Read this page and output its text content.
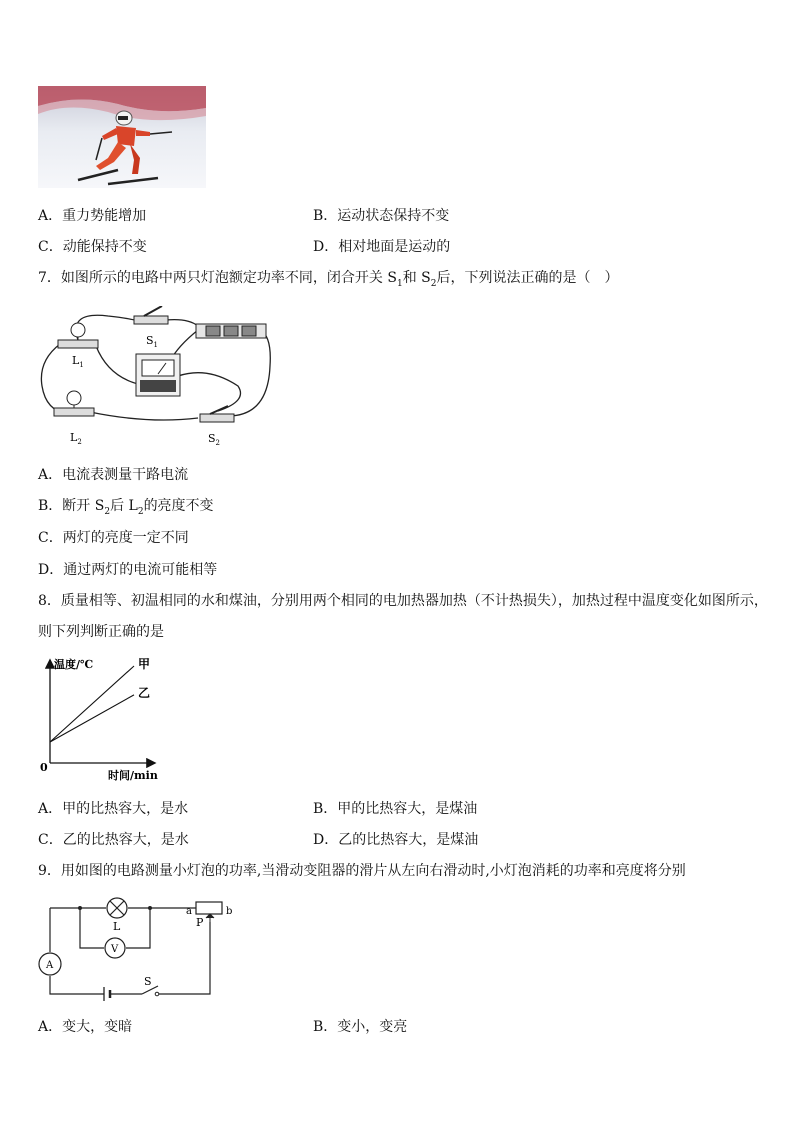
A．重力势能增加	B．运动状态保持不变
C．动能保持不变	D．相对地面是运动的
7．如图所示的电路中两只灯泡额定功率不同，闭合开关 $S_1$和 $S_2$后，下列说法正确的是（　）
$S_1$
$L_1$
$L_2$	$S_2$
A．电流表测量干路电流
B．断开 $S_2$后 $L_2$的亮度不变
C．两灯的亮度一定不同
D．通过两灯的电流可能相等
8．质量相等、初温相同的水和煤油，分别用两个相同的电加热器加热（不计热损失），加热过程中温度变化如图所示，
则下列判断正确的是
甲
乙
温度/℃
时间/min
0
A．甲的比热容大，是水	B．甲的比热容大，是煤油
C．乙的比热容大，是水	D．乙的比热容大，是煤油
9．用如图的电路测量小灯泡的功率,当滑动变阻器的滑片从左向右滑动时,小灯泡消耗的功率和亮度将分别
L
V
A
S
a
P
b
A．变大，变暗	B．变小，变亮
